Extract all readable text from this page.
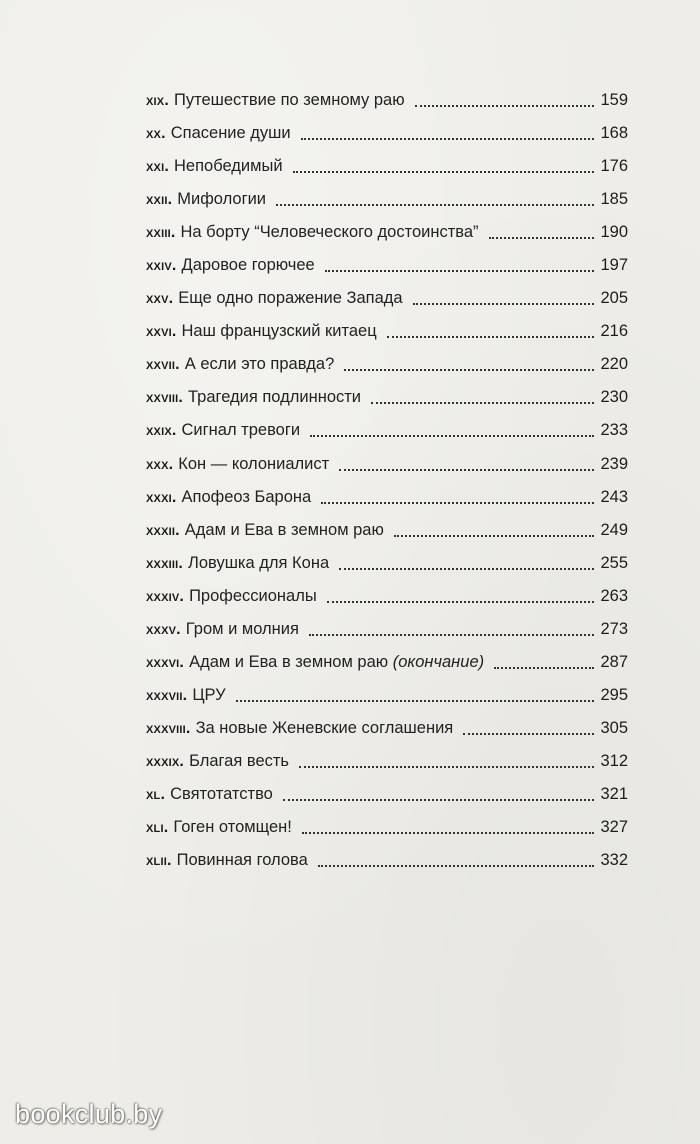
xix. Путешествие по земному раю	159
xx. Спасение души	168
xxi. Непобедимый	176
xxii. Мифологии	185
xxiii. На борту “Человеческого достоинства”	190
xxiv. Даровое горючее	197
xxv. Еще одно поражение Запада	205
xxvi. Наш французский китаец	216
xxvii. А если это правда?	220
xxviii. Трагедия подлинности	230
xxix. Сигнал тревоги	233
xxx. Кон — колониалист	239
xxxi. Апофеоз Барона	243
xxxii. Адам и Ева в земном раю	249
xxxiii. Ловушка для Кона	255
xxxiv. Профессионалы	263
xxxv. Гром и молния	273
xxxvi. Адам и Ева в земном раю (окончание)	287
xxxvii. ЦРУ	295
xxxviii. За новые Женевские соглашения	305
xxxix. Благая весть	312
xl. Святотатство	321
xli. Гоген отомщен!	327
xlii. Повинная голова	332
bookclub.by
